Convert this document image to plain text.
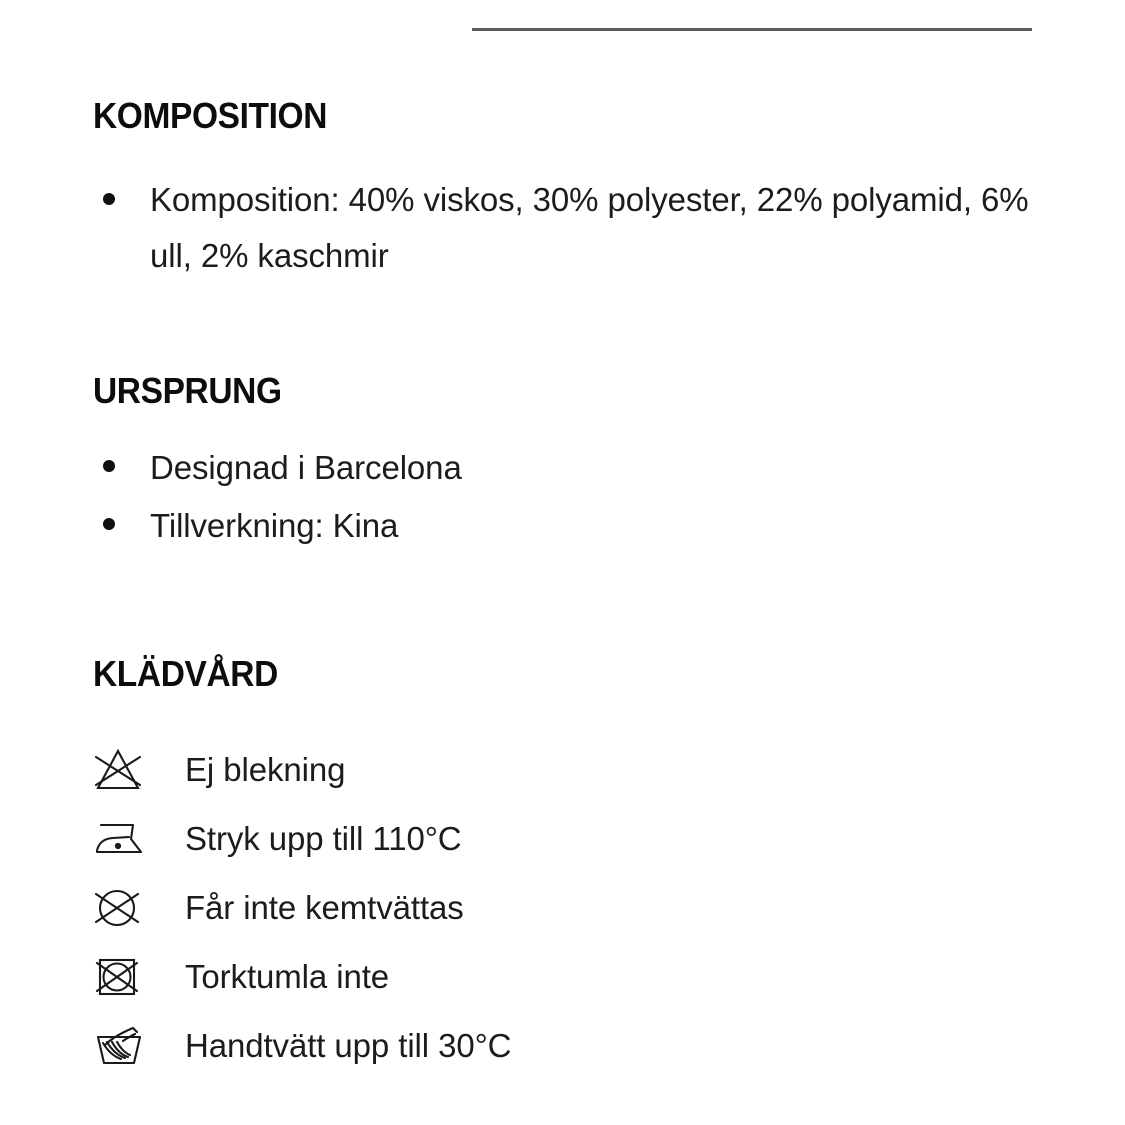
KOMPOSITION
Komposition: 40% viskos, 30% polyester, 22% polyamid, 6% ull, 2% kaschmir
URSPRUNG
Designad i Barcelona
Tillverkning: Kina
KLÄDVÅRD
Ej blekning
Stryk upp till 110°C
Får inte kemtvättas
Torktumla inte
Handtvätt upp till 30°C
